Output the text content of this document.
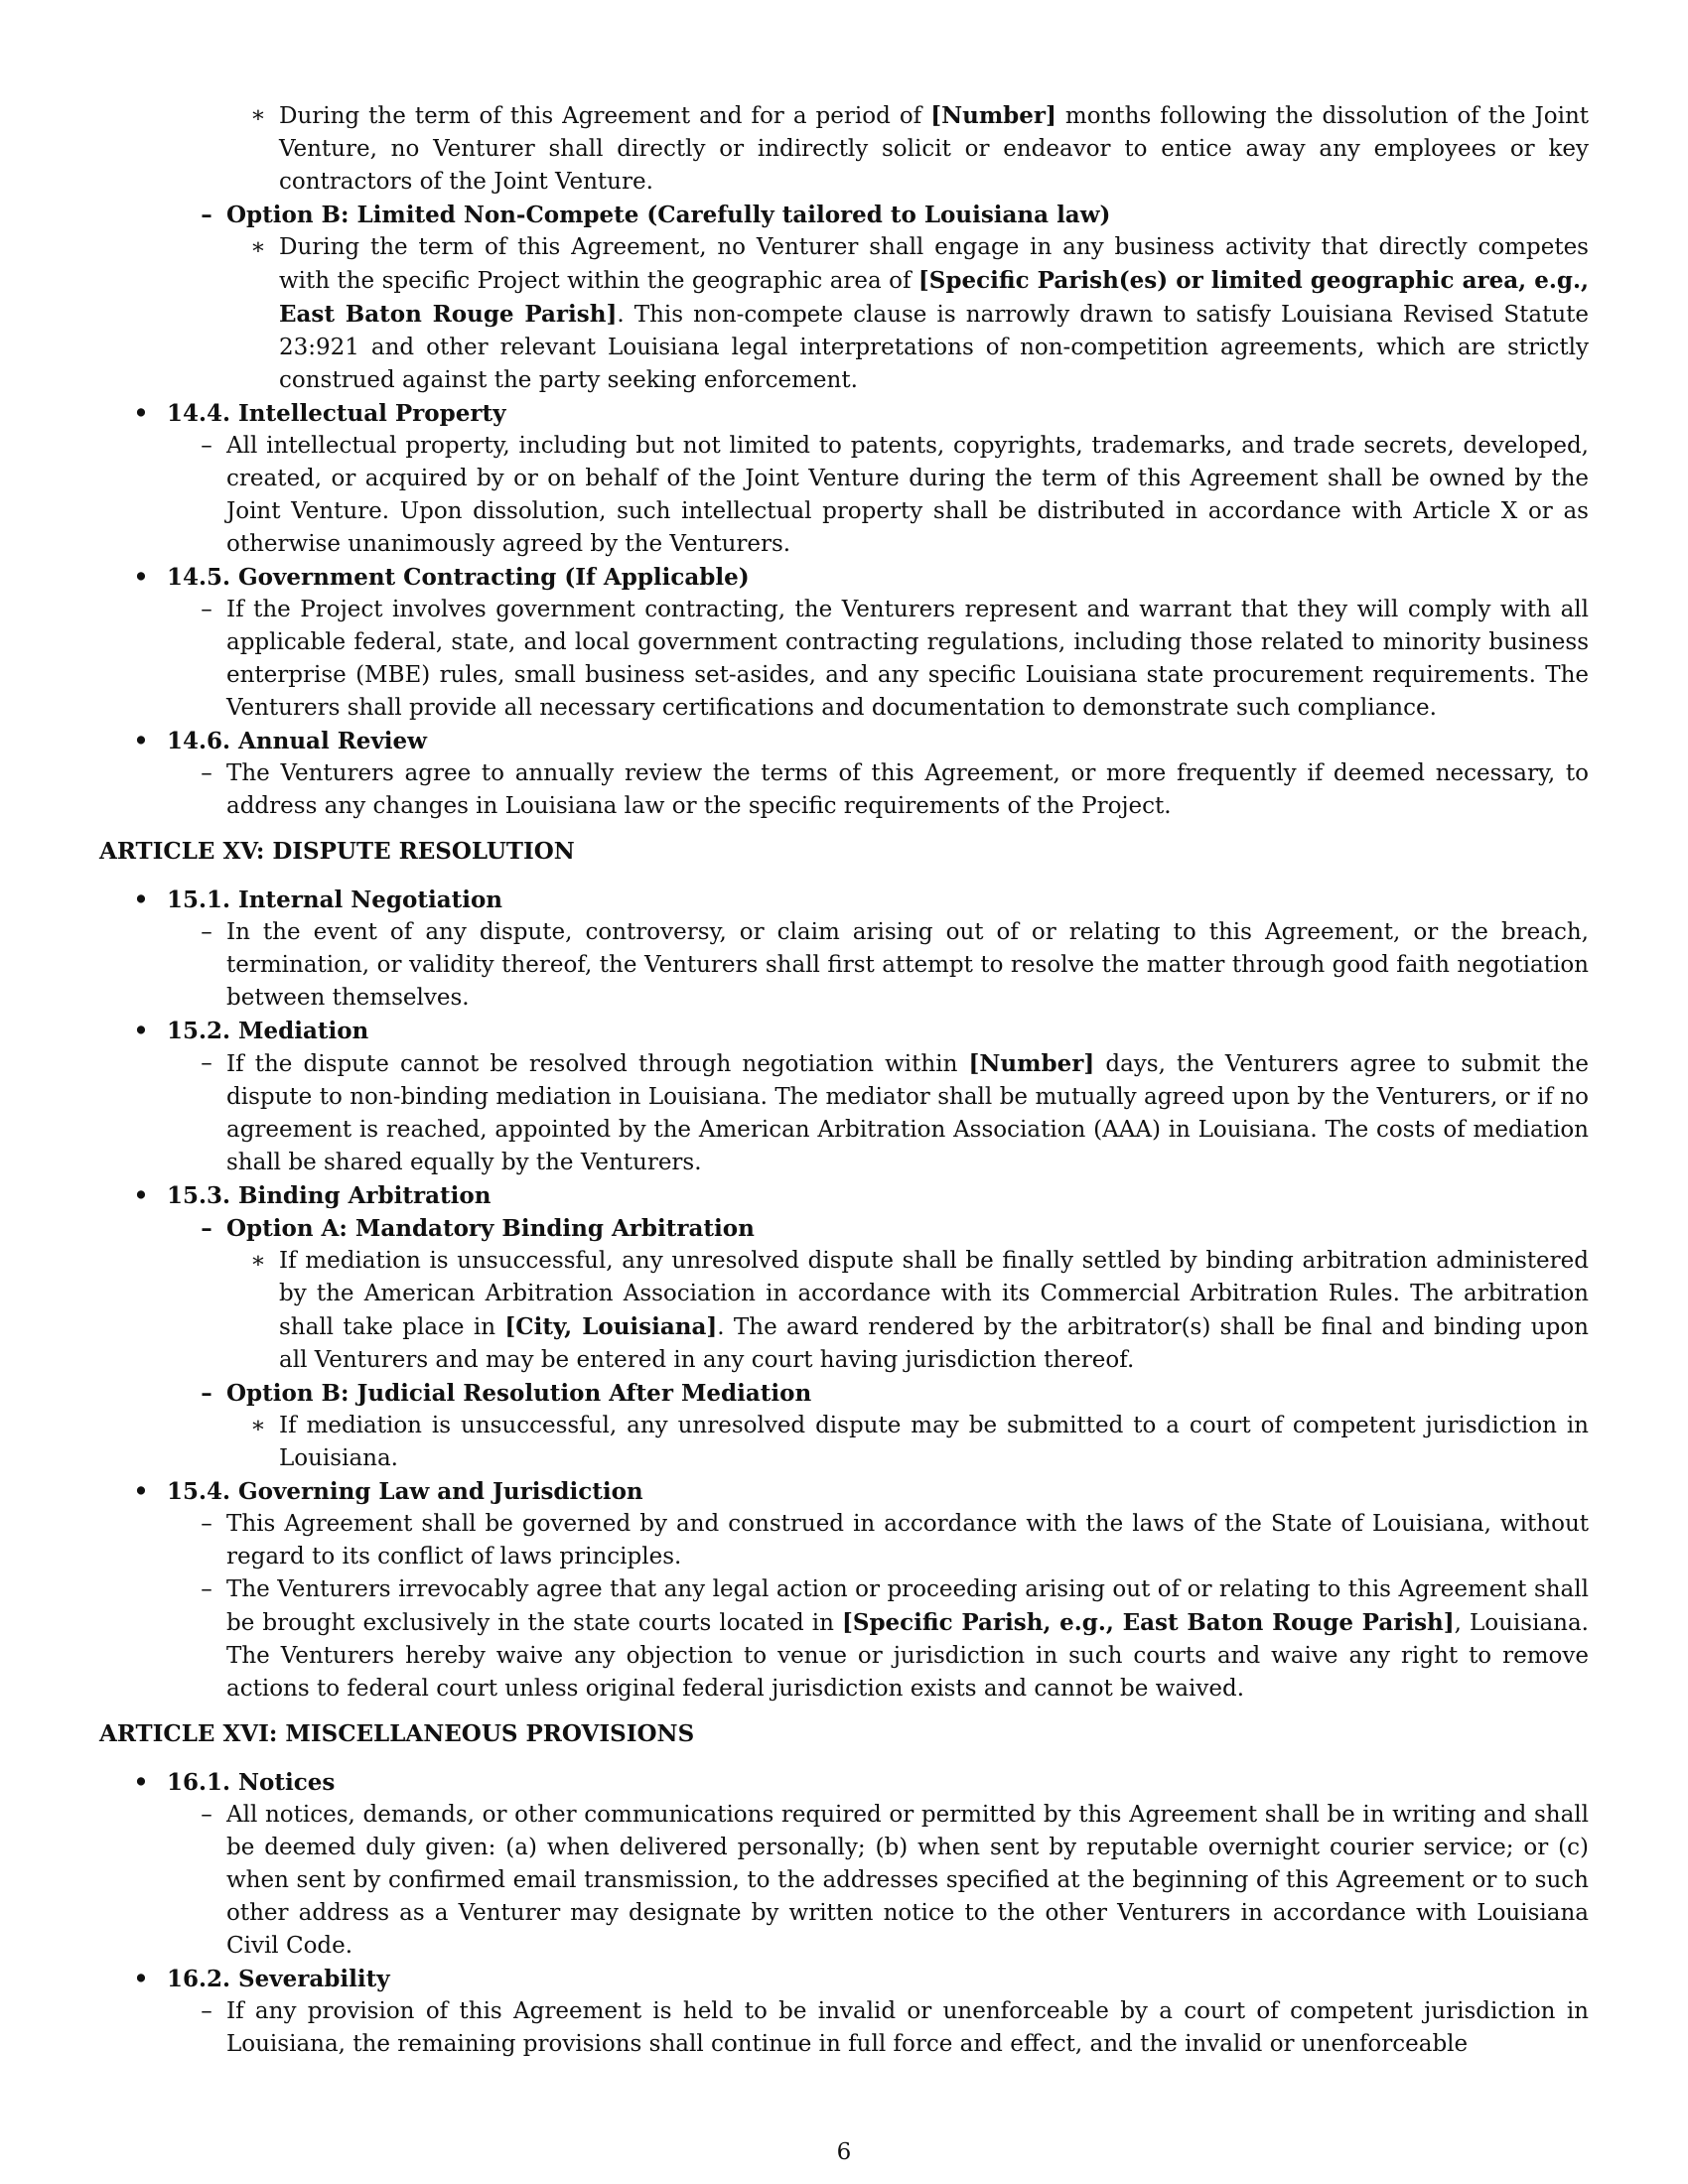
∗ During the term of this Agreement and for a period of [Number] months following the dissolution of the Joint Venture, no Venturer shall directly or indirectly solicit or endeavor to entice away any employees or key contractors of the Joint Venture.
– Option B: Limited Non-Compete (Carefully tailored to Louisiana law)
∗ During the term of this Agreement, no Venturer shall engage in any business activity that directly competes with the specific Project within the geographic area of [Specific Parish(es) or limited geographic area, e.g., East Baton Rouge Parish]. This non-compete clause is narrowly drawn to satisfy Louisiana Revised Statute 23:921 and other relevant Louisiana legal interpretations of non-competition agreements, which are strictly construed against the party seeking enforcement.
• 14.4. Intellectual Property
– All intellectual property, including but not limited to patents, copyrights, trademarks, and trade secrets, developed, created, or acquired by or on behalf of the Joint Venture during the term of this Agreement shall be owned by the Joint Venture. Upon dissolution, such intellectual property shall be distributed in accordance with Article X or as otherwise unanimously agreed by the Venturers.
• 14.5. Government Contracting (If Applicable)
– If the Project involves government contracting, the Venturers represent and warrant that they will comply with all applicable federal, state, and local government contracting regulations, including those related to minority business enterprise (MBE) rules, small business set-asides, and any specific Louisiana state procurement requirements. The Venturers shall provide all necessary certifications and documentation to demonstrate such compliance.
• 14.6. Annual Review
– The Venturers agree to annually review the terms of this Agreement, or more frequently if deemed necessary, to address any changes in Louisiana law or the specific requirements of the Project.
ARTICLE XV: DISPUTE RESOLUTION
• 15.1. Internal Negotiation
– In the event of any dispute, controversy, or claim arising out of or relating to this Agreement, or the breach, termination, or validity thereof, the Venturers shall first attempt to resolve the matter through good faith negotiation between themselves.
• 15.2. Mediation
– If the dispute cannot be resolved through negotiation within [Number] days, the Venturers agree to submit the dispute to non-binding mediation in Louisiana. The mediator shall be mutually agreed upon by the Venturers, or if no agreement is reached, appointed by the American Arbitration Association (AAA) in Louisiana. The costs of mediation shall be shared equally by the Venturers.
• 15.3. Binding Arbitration
– Option A: Mandatory Binding Arbitration
∗ If mediation is unsuccessful, any unresolved dispute shall be finally settled by binding arbitration administered by the American Arbitration Association in accordance with its Commercial Arbitration Rules. The arbitration shall take place in [City, Louisiana]. The award rendered by the arbitrator(s) shall be final and binding upon all Venturers and may be entered in any court having jurisdiction thereof.
– Option B: Judicial Resolution After Mediation
∗ If mediation is unsuccessful, any unresolved dispute may be submitted to a court of competent jurisdiction in Louisiana.
• 15.4. Governing Law and Jurisdiction
– This Agreement shall be governed by and construed in accordance with the laws of the State of Louisiana, without regard to its conflict of laws principles.
– The Venturers irrevocably agree that any legal action or proceeding arising out of or relating to this Agreement shall be brought exclusively in the state courts located in [Specific Parish, e.g., East Baton Rouge Parish], Louisiana. The Venturers hereby waive any objection to venue or jurisdiction in such courts and waive any right to remove actions to federal court unless original federal jurisdiction exists and cannot be waived.
ARTICLE XVI: MISCELLANEOUS PROVISIONS
• 16.1. Notices
– All notices, demands, or other communications required or permitted by this Agreement shall be in writing and shall be deemed duly given: (a) when delivered personally; (b) when sent by reputable overnight courier service; or (c) when sent by confirmed email transmission, to the addresses specified at the beginning of this Agreement or to such other address as a Venturer may designate by written notice to the other Venturers in accordance with Louisiana Civil Code.
• 16.2. Severability
– If any provision of this Agreement is held to be invalid or unenforceable by a court of competent jurisdiction in Louisiana, the remaining provisions shall continue in full force and effect, and the invalid or unenforceable
6
